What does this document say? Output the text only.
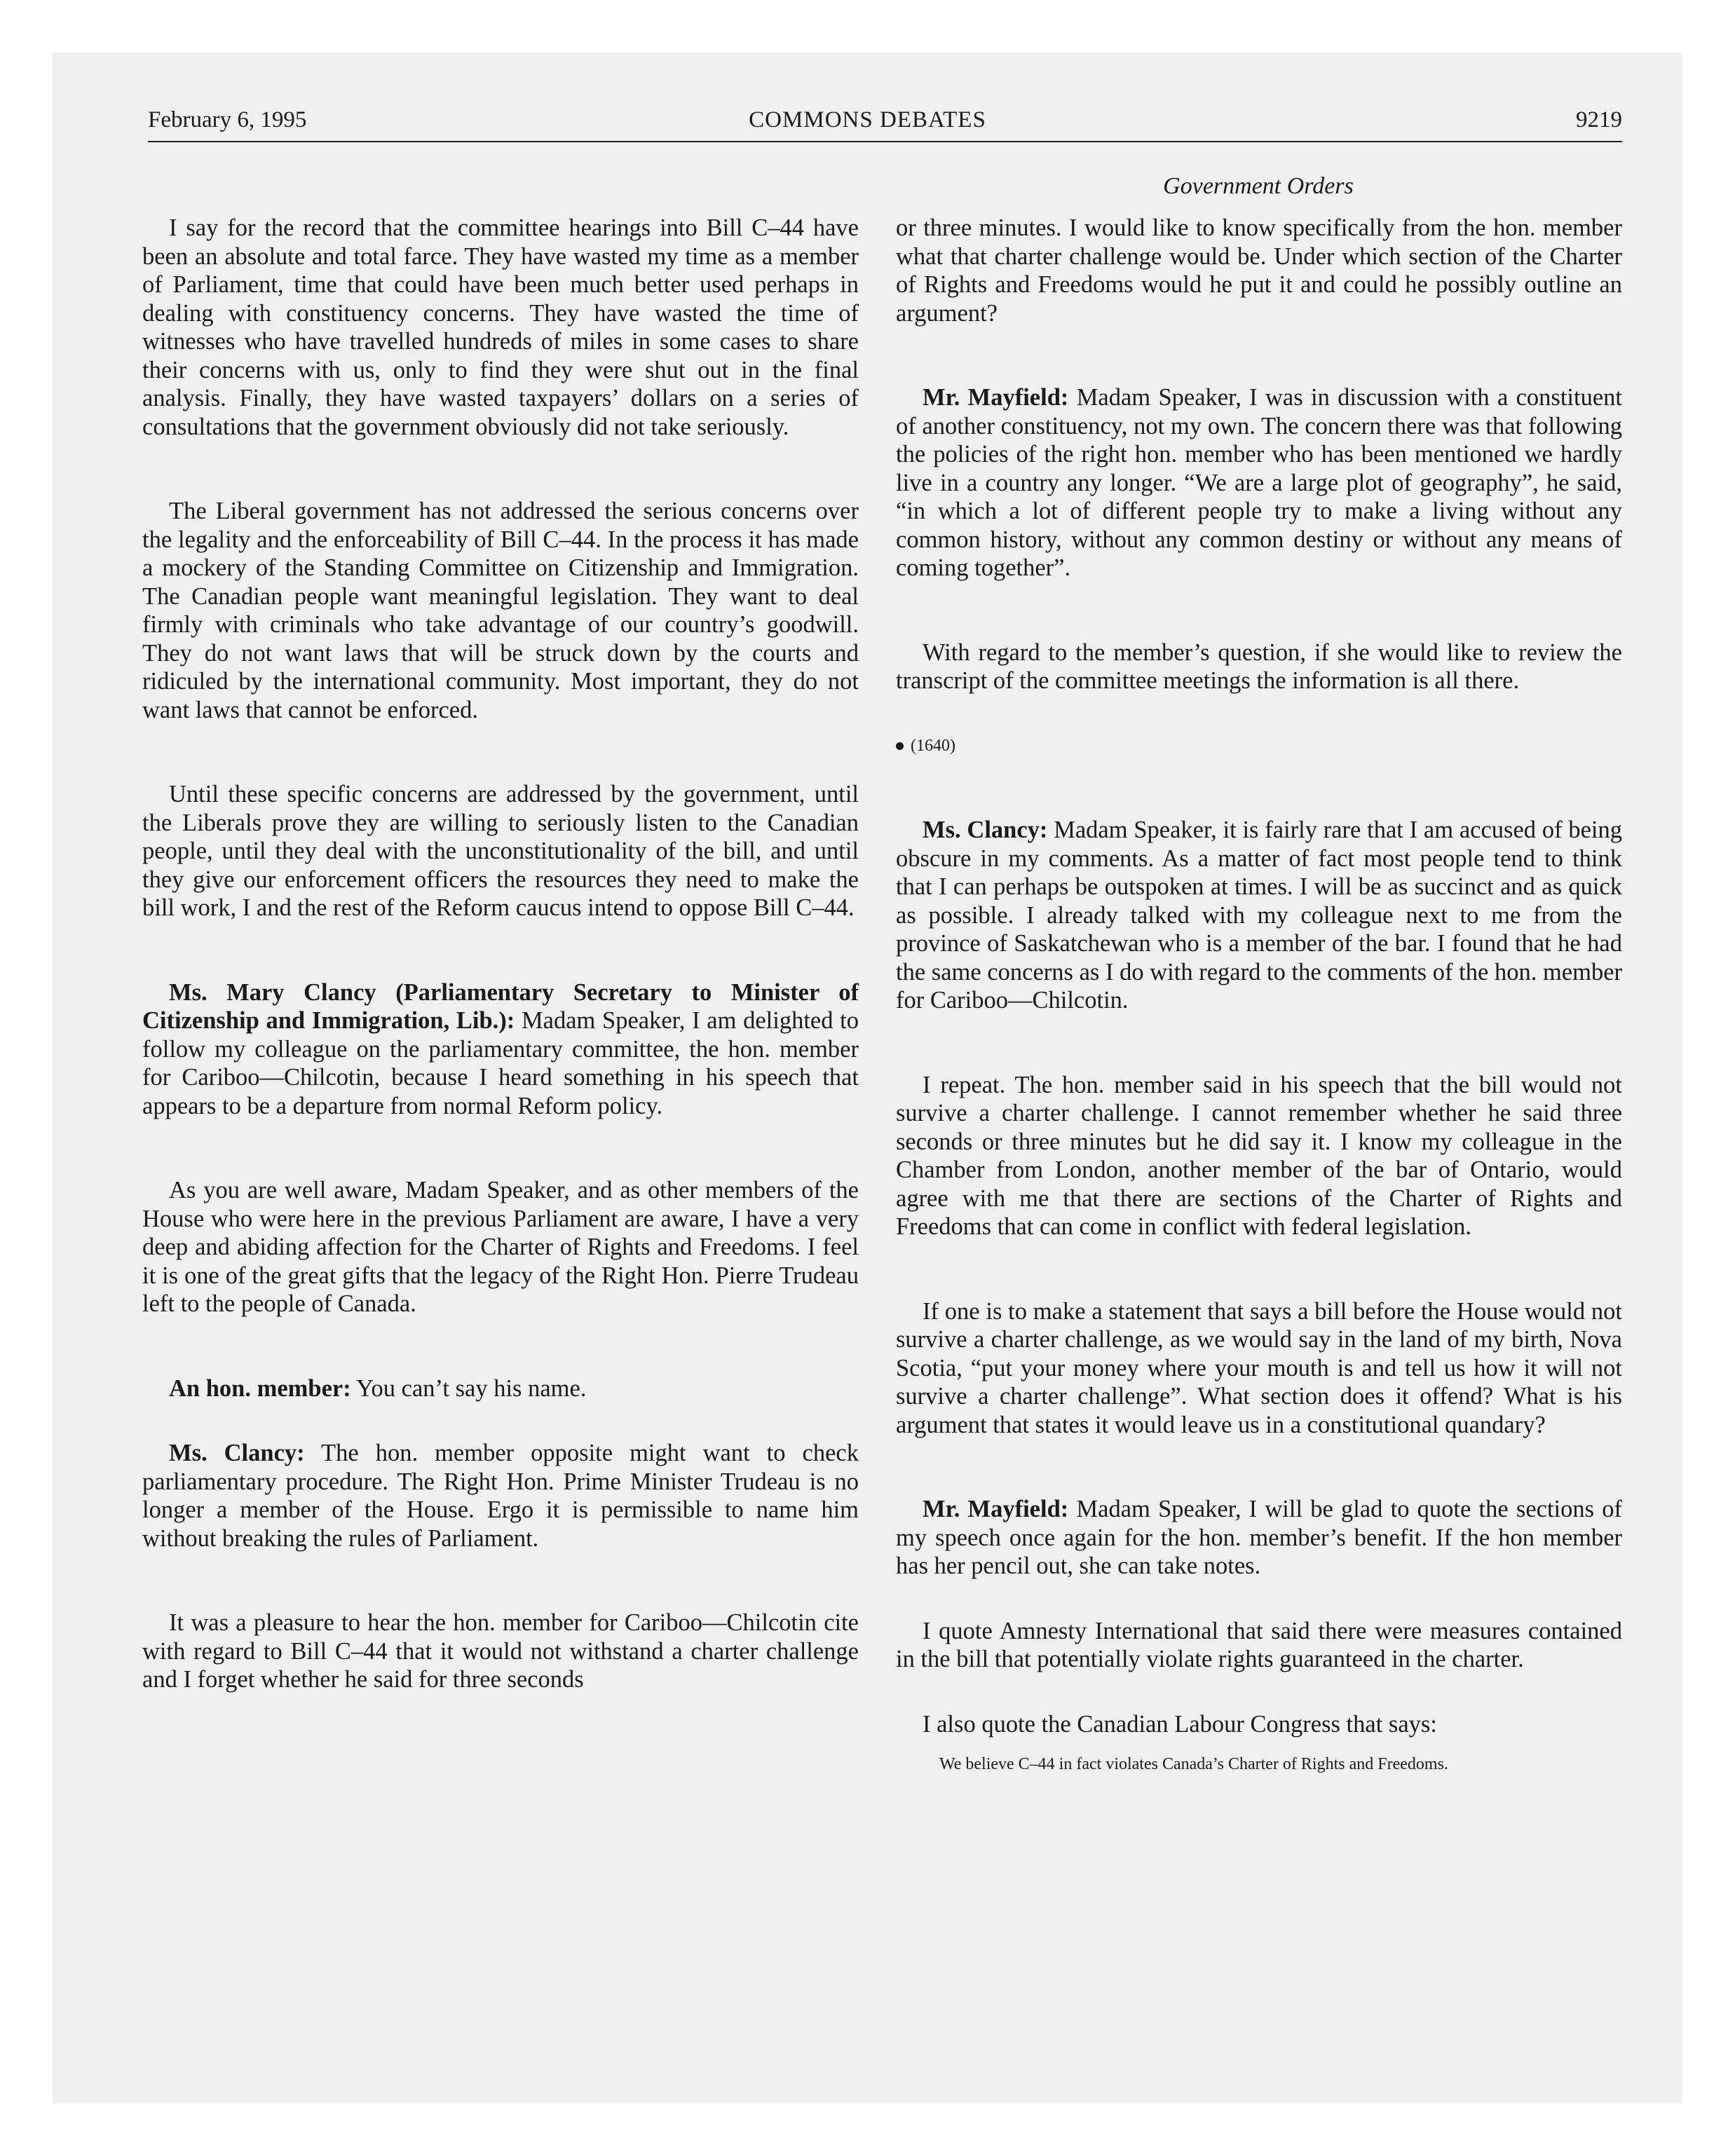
COMMONS DEBATES
February 6, 1995	9219
Government Orders

I say for the record that the committee hearings into Bill C–44 have been an absolute and total farce. They have wasted my time as a member of Parliament, time that could have been much better used perhaps in dealing with constituency concerns. They have wasted the time of witnesses who have travelled hundreds of miles in some cases to share their concerns with us, only to find they were shut out in the final analysis. Finally, they have wasted taxpayers’ dollars on a series of consultations that the government obviously did not take seriously.

The Liberal government has not addressed the serious concerns over the legality and the enforceability of Bill C–44. In the process it has made a mockery of the Standing Committee on Citizenship and Immigration. The Canadian people want meaningful legislation. They want to deal firmly with criminals who take advantage of our country’s goodwill. They do not want laws that will be struck down by the courts and ridiculed by the international community. Most important, they do not want laws that cannot be enforced.

Until these specific concerns are addressed by the government, until the Liberals prove they are willing to seriously listen to the Canadian people, until they deal with the unconstitutionality of the bill, and until they give our enforcement officers the resources they need to make the bill work, I and the rest of the Reform caucus intend to oppose Bill C–44.

Ms. Mary Clancy (Parliamentary Secretary to Minister of Citizenship and Immigration, Lib.): Madam Speaker, I am delighted to follow my colleague on the parliamentary committee, the hon. member for Cariboo—Chilcotin, because I heard something in his speech that appears to be a departure from normal Reform policy.

As you are well aware, Madam Speaker, and as other members of the House who were here in the previous Parliament are aware, I have a very deep and abiding affection for the Charter of Rights and Freedoms. I feel it is one of the great gifts that the legacy of the Right Hon. Pierre Trudeau left to the people of Canada.

An hon. member: You can’t say his name.

Ms. Clancy: The hon. member opposite might want to check parliamentary procedure. The Right Hon. Prime Minister Trudeau is no longer a member of the House. Ergo it is permissible to name him without breaking the rules of Parliament.

It was a pleasure to hear the hon. member for Cariboo—Chilcotin cite with regard to Bill C–44 that it would not withstand a charter challenge and I forget whether he said for three seconds

or three minutes. I would like to know specifically from the hon. member what that charter challenge would be. Under which section of the Charter of Rights and Freedoms would he put it and could he possibly outline an argument?

Mr. Mayfield: Madam Speaker, I was in discussion with a constituent of another constituency, not my own. The concern there was that following the policies of the right hon. member who has been mentioned we hardly live in a country any longer. “We are a large plot of geography”, he said, “in which a lot of different people try to make a living without any common history, without any common destiny or without any means of coming together”.

With regard to the member’s question, if she would like to review the transcript of the committee meetings the information is all there.

(1640)

Ms. Clancy: Madam Speaker, it is fairly rare that I am accused of being obscure in my comments. As a matter of fact most people tend to think that I can perhaps be outspoken at times. I will be as succinct and as quick as possible. I already talked with my colleague next to me from the province of Saskatchewan who is a member of the bar. I found that he had the same concerns as I do with regard to the comments of the hon. member for Cariboo—Chilcotin.

I repeat. The hon. member said in his speech that the bill would not survive a charter challenge. I cannot remember whether he said three seconds or three minutes but he did say it. I know my colleague in the Chamber from London, another member of the bar of Ontario, would agree with me that there are sections of the Charter of Rights and Freedoms that can come in conflict with federal legislation.

If one is to make a statement that says a bill before the House would not survive a charter challenge, as we would say in the land of my birth, Nova Scotia, “put your money where your mouth is and tell us how it will not survive a charter challenge”. What section does it offend? What is his argument that states it would leave us in a constitutional quandary?

Mr. Mayfield: Madam Speaker, I will be glad to quote the sections of my speech once again for the hon. member’s benefit. If the hon member has her pencil out, she can take notes.

I quote Amnesty International that said there were measures contained in the bill that potentially violate rights guaranteed in the charter.

I also quote the Canadian Labour Congress that says:

We believe C–44 in fact violates Canada’s Charter of Rights and Freedoms.
